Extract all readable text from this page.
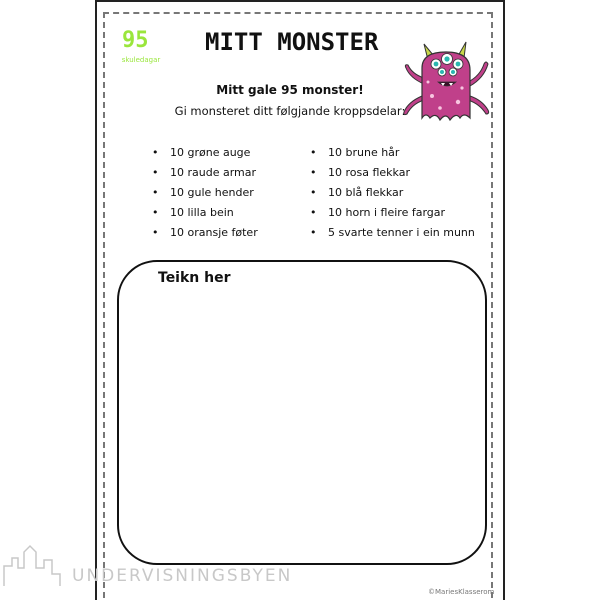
95
skuledagar
MITT MONSTER
Mitt gale 95 monster!
Gi monsteret ditt følgjande kroppsdelar:
• 10 grøne auge
• 10 raude armar
• 10 gule hender
• 10 lilla bein
• 10 oransje føter
• 10 brune hår
• 10 rosa flekkar
• 10 blå flekkar
• 10 horn i fleire fargar
• 5 svarte tenner i ein munn
Teikn her
UNDERVISNINGSBYEN
©MariesKlasserom
